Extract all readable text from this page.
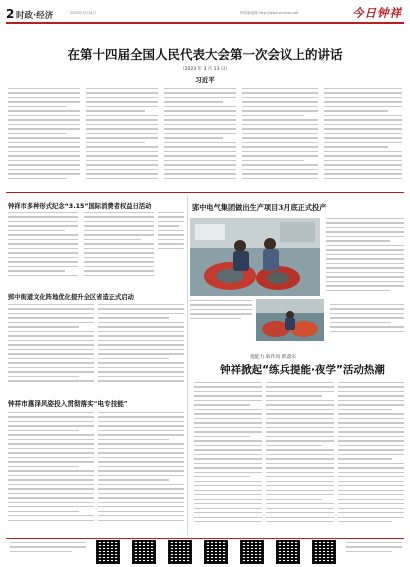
2 时政·经济	2025年3月14日	钟祥新闻网 http://www.zxnews.net	今日钟祥
在第十四届全国人民代表大会第一次会议上的讲话
（2023 年 3 月 13 日）
习近平
钟祥市多种形式纪念“3.15”国际消费者权益日活动	郢中电气集团做出生产项目3月底正式投产
郢中街道文化阵地优化提升全区省造正式启动
钟祥市惠泽风姿投入贯彻落实“电专技能”
提能力 转作风 抓落实
钟祥掀起“练兵提能·夜学”活动热潮
